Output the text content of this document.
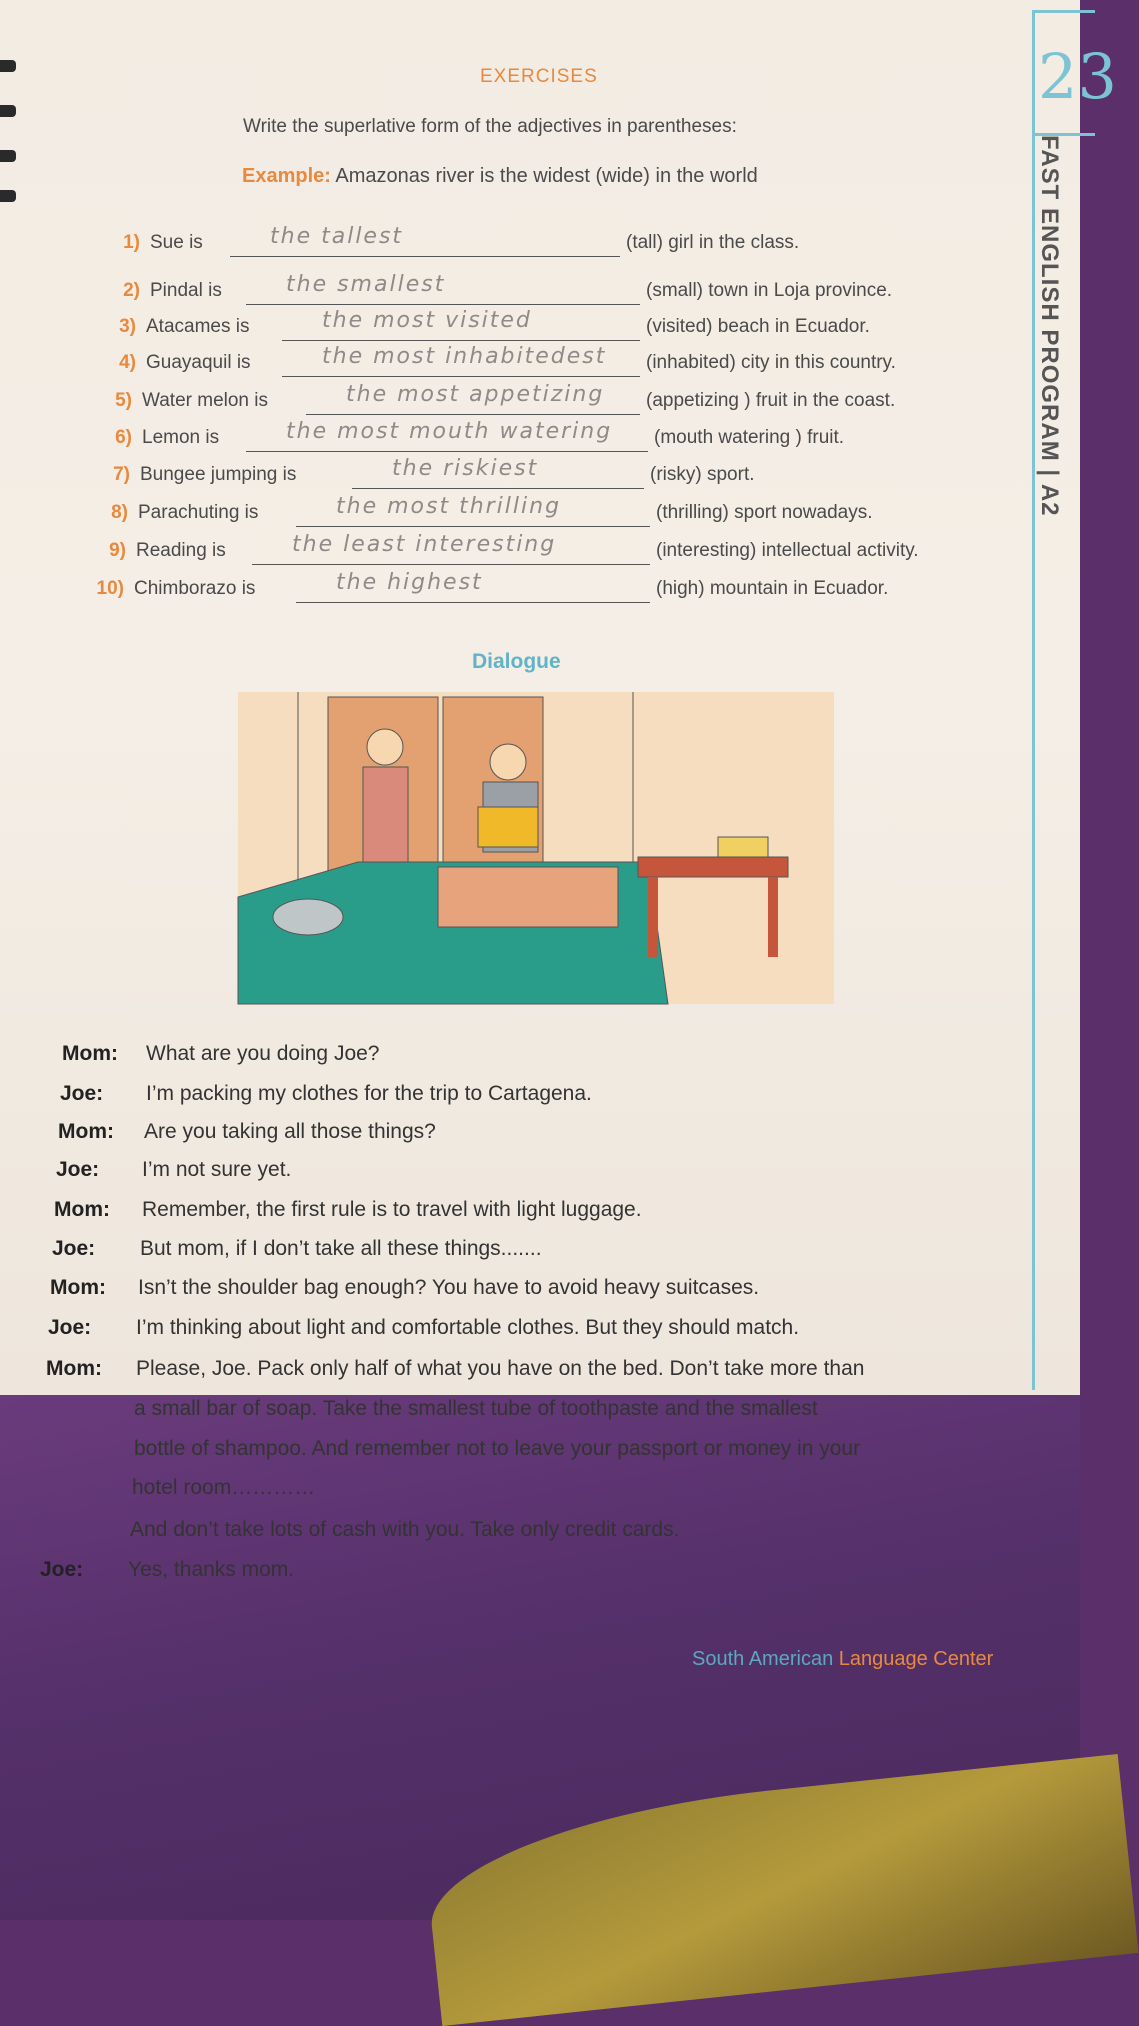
23
FAST ENGLISH PROGRAM | A2
EXERCISES
Write the superlative form of the adjectives in parentheses:
Example: Amazonas river is the widest (wide) in the world
1) Sue is	the tallest	(tall) girl in the class.
2) Pindal is	the smallest	(small) town in Loja province.
3) Atacames is	the most visited	(visited) beach in Ecuador.
4) Guayaquil is	the most inhabitedest (inhabited) city in this country.
5) Water melon is	the most appetizing (appetizing ) fruit in the coast.
6) Lemon is	the most mouth watering (mouth watering ) fruit.
7) Bungee jumping is	the riskiest	(risky) sport.
8) Parachuting is	the most thrilling	(thrilling) sport nowadays.
9) Reading is	the least interesting	(interesting) intellectual activity.
10) Chimborazo is	the highest	(high) mountain in Ecuador.
Dialogue
Mom: What are you doing Joe?
Joe: I’m packing my clothes for the trip to Cartagena.
Mom: Are you taking all those things?
Joe: I’m not sure yet.
Mom: Remember, the first rule is to travel with light luggage.
Joe: But mom, if I don’t take all these things.......
Mom: Isn’t the shoulder bag enough? You have to avoid heavy suitcases.
Joe: I’m thinking about light and comfortable clothes. But they should match.
Mom: Please, Joe. Pack only half of what you have on the bed. Don’t take more than
a small bar of soap. Take the smallest tube of toothpaste and the smallest
bottle of shampoo. And remember not to leave your passport or money in your
hotel room…………
And don’t take lots of cash with you. Take only credit cards.
Joe: Yes, thanks mom.
South American Language Center
